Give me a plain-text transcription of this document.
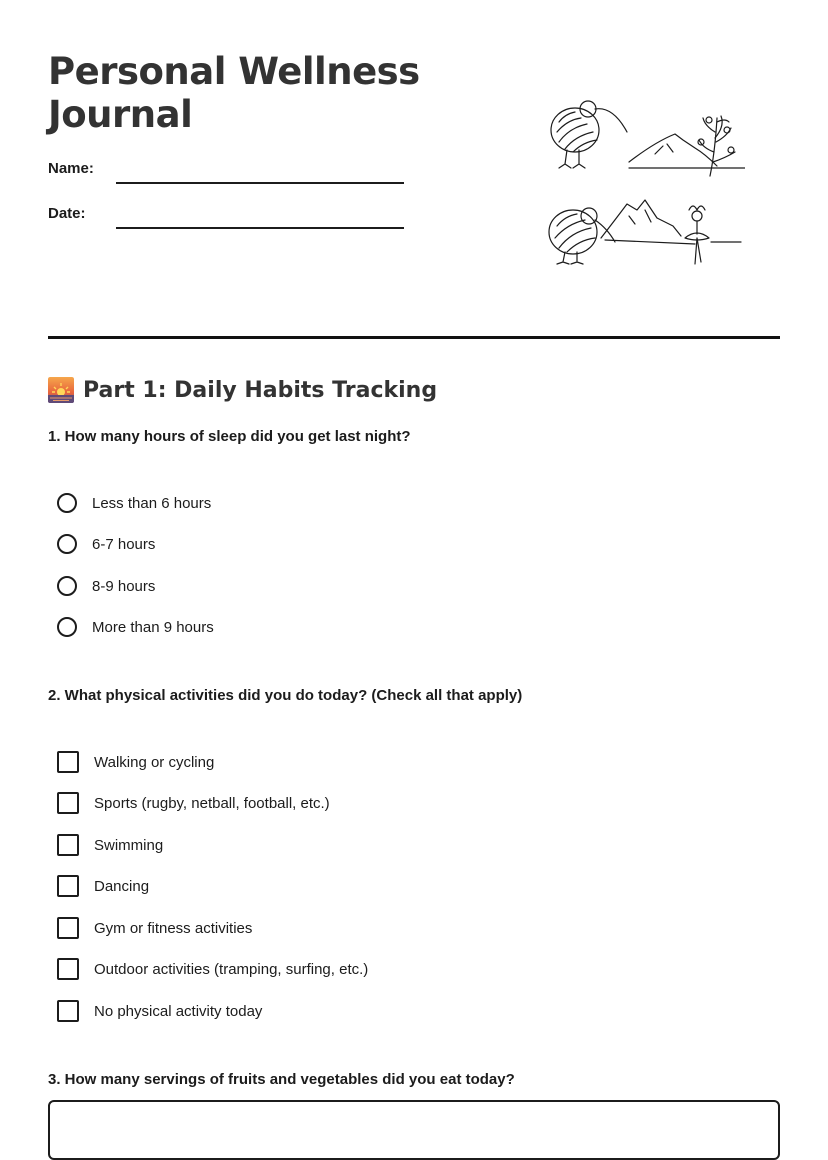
Personal Wellness
Journal
Name:
Date:
Part 1: Daily Habits Tracking
1. How many hours of sleep did you get last night?
Less than 6 hours
6-7 hours
8-9 hours
More than 9 hours
2. What physical activities did you do today? (Check all that apply)
Walking or cycling
Sports (rugby, netball, football, etc.)
Swimming
Dancing
Gym or fitness activities
Outdoor activities (tramping, surfing, etc.)
No physical activity today
3. How many servings of fruits and vegetables did you eat today?
